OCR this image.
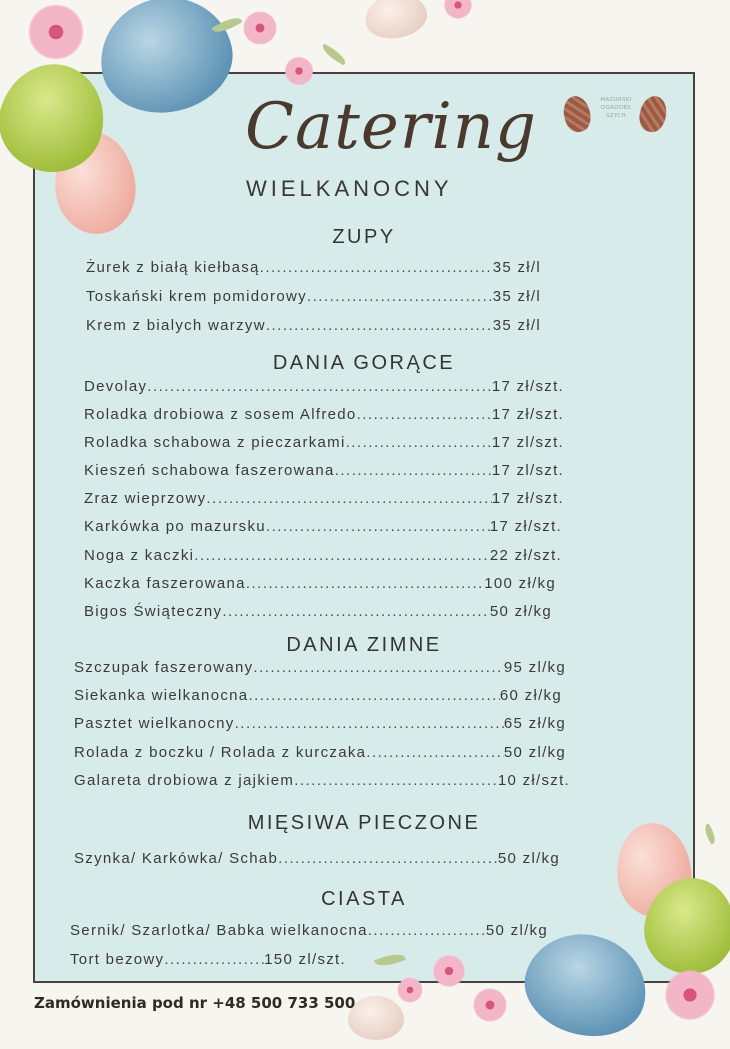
Catering
WIELKANOCNY
MAZURSKI OGRODEK SZYCH
ZUPY
Żurek z białą kiełbasą .....	35 zł/l
Toskański krem pomidorowy .....	35 zł/l
Krem z bialych warzyw .....	35 zł/l
DANIA GORĄCE
Devolay .....	17 zł/szt.
Roladka drobiowa z sosem Alfredo .....	17 zł/szt.
Roladka schabowa z pieczarkami .....	17 zl/szt.
Kieszeń schabowa faszerowana .....	17 zl/szt.
Zraz wieprzowy .....	17 zł/szt.
Karkówka po mazursku .....	17 zł/szt.
Noga z kaczki .....	22 zł/szt.
Kaczka faszerowana .....	100 zł/kg
Bigos Świąteczny .....	50 zł/kg
DANIA ZIMNE
Szczupak faszerowany .....	95 zl/kg
Siekanka wielkanocna .....	60 zł/kg
Pasztet wielkanocny .....	65 zł/kg
Rolada z boczku / Rolada z kurczaka .....	50 zl/kg
Galareta drobiowa z jajkiem .....	10 zł/szt.
MIĘSIWA PIECZONE
Szynka/ Karkówka/ Schab .....	50 zl/kg
CIASTA
Sernik/ Szarlotka/ Babka wielkanocna .....	50 zl/kg
Tort bezowy .....	150 zl/szt.
Zamównienia pod nr +48 500 733 500
